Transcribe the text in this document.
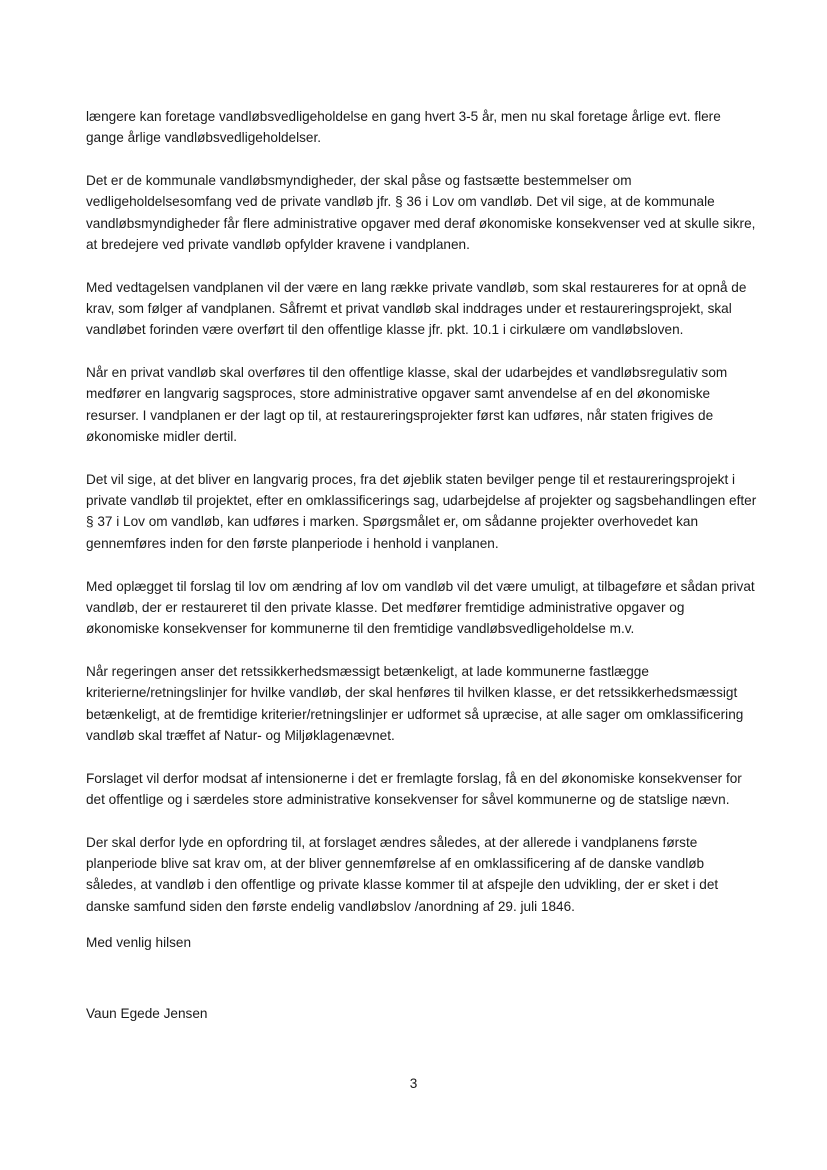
længere kan foretage vandløbsvedligeholdelse en gang hvert 3-5 år, men nu skal foretage årlige evt. flere gange årlige vandløbsvedligeholdelser.

Det er de kommunale vandløbsmyndigheder, der skal påse og fastsætte bestemmelser om vedligeholdelsesomfang ved de private vandløb jfr. § 36 i Lov om vandløb. Det vil sige, at de kommunale vandløbsmyndigheder får flere administrative opgaver med deraf økonomiske konsekvenser ved at skulle sikre, at bredejere ved private vandløb opfylder kravene i vandplanen.

Med vedtagelsen vandplanen vil der være en lang række private vandløb, som skal restaureres for at opnå de krav, som følger af vandplanen. Såfremt et privat vandløb skal inddrages under et restaureringsprojekt, skal vandløbet forinden være overført til den offentlige klasse jfr. pkt. 10.1 i cirkulære om vandløbsloven.

Når en privat vandløb skal overføres til den offentlige klasse, skal der udarbejdes et vandløbsregulativ som medfører en langvarig sagsproces, store administrative opgaver samt anvendelse af en del økonomiske resurser. I vandplanen er der lagt op til, at restaureringsprojekter først kan udføres, når staten frigives de økonomiske midler dertil.

Det vil sige, at det bliver en langvarig proces, fra det øjeblik staten bevilger penge til et restaureringsprojekt i private vandløb til projektet, efter en omklassificerings sag, udarbejdelse af projekter og sagsbehandlingen efter § 37 i Lov om vandløb, kan udføres i marken. Spørgsmålet er, om sådanne projekter overhovedet kan gennemføres inden for den første planperiode i henhold i vanplanen.

Med oplægget til forslag til lov om ændring af lov om vandløb vil det være umuligt, at tilbageføre et sådan privat vandløb, der er restaureret til den private klasse. Det medfører fremtidige administrative opgaver og økonomiske konsekvenser for kommunerne til den fremtidige vandløbsvedligeholdelse m.v.

Når regeringen anser det retssikkerhedsmæssigt betænkeligt, at lade kommunerne fastlægge kriterierne/retningslinjer for hvilke vandløb, der skal henføres til hvilken klasse, er det retssikkerhedsmæssigt betænkeligt, at de fremtidige kriterier/retningslinjer er udformet så upræcise, at alle sager om omklassificering vandløb skal træffet af Natur- og Miljøklagenævnet.

Forslaget vil derfor modsat af intensionerne i det er fremlagte forslag, få en del økonomiske konsekvenser for det offentlige og i særdeles store administrative konsekvenser for såvel kommunerne og de statslige nævn.

Der skal derfor lyde en opfordring til, at forslaget ændres således, at der allerede i vandplanens første planperiode blive sat krav om, at der bliver gennemførelse af en omklassificering af de danske vandløb således, at vandløb i den offentlige og private klasse kommer til at afspejle den udvikling, der er sket i det danske samfund siden den første endelig vandløbslov /anordning af 29. juli 1846.

Med venlig hilsen
Vaun Egede Jensen
3
